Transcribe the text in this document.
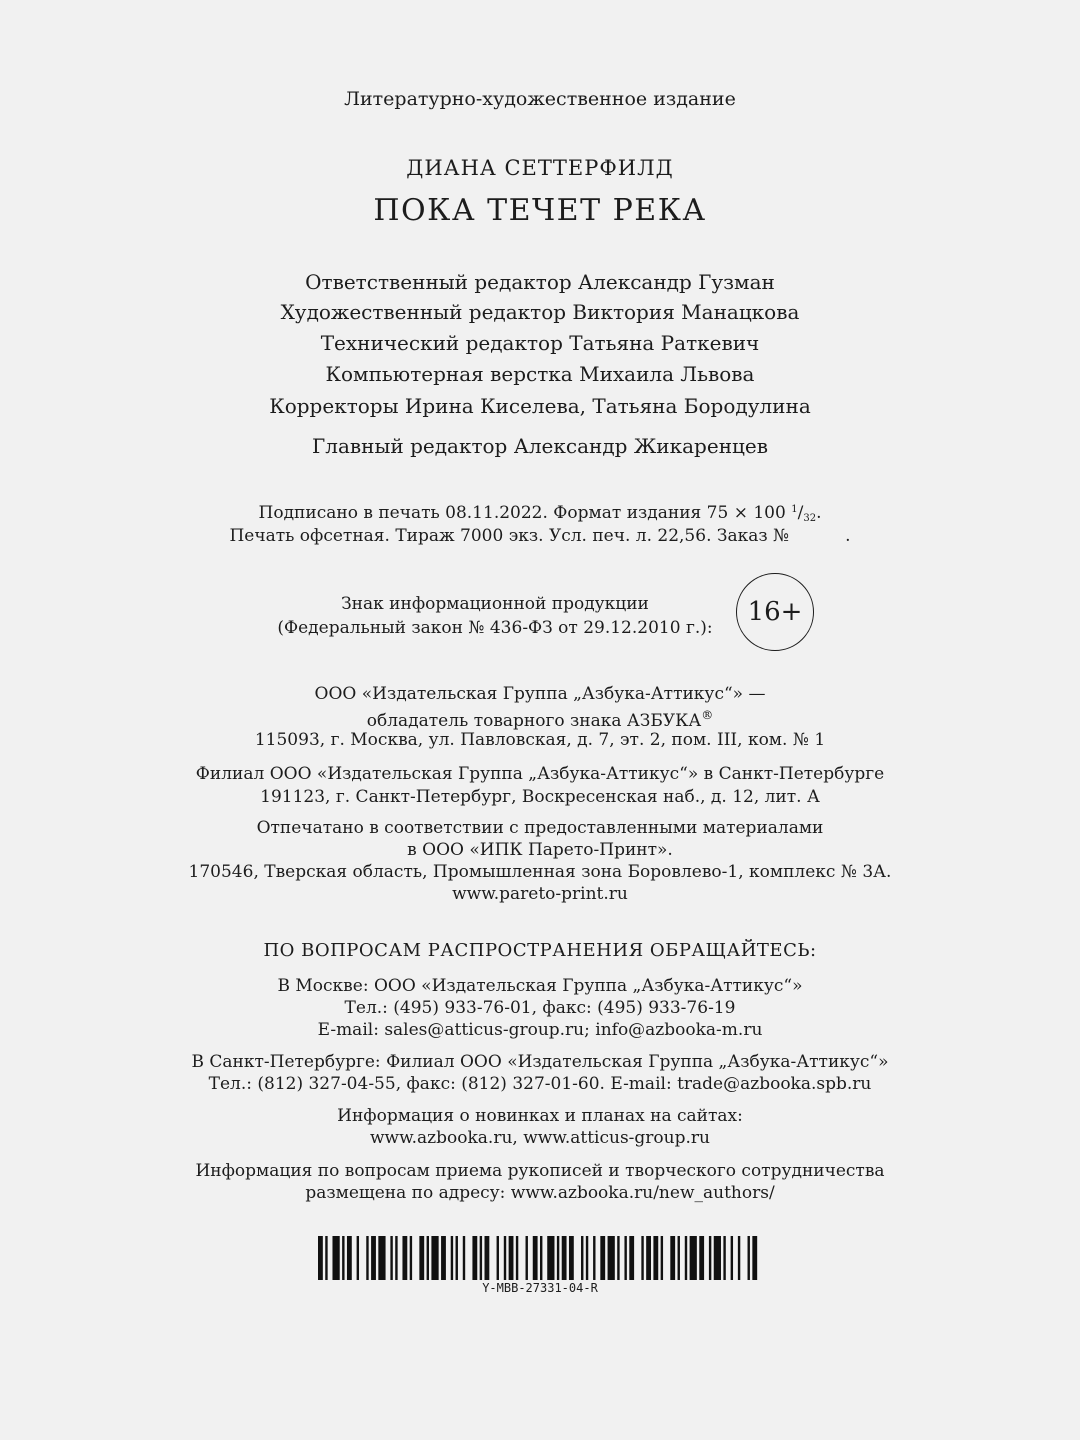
Литературно-художественное издание
ДИАНА СЕТТЕРФИЛД
ПОКА ТЕЧЕТ РЕКА
Ответственный редактор Александр Гузман
Художественный редактор Виктория Манацкова
Технический редактор Татьяна Раткевич
Компьютерная верстка Михаила Львова
Корректоры Ирина Киселева, Татьяна Бородулина
Главный редактор Александр Жикаренцев
Подписано в печать 08.11.2022. Формат издания 75 × 100 $^1$/32.
Печать офсетная. Тираж 7000 экз. Усл. печ. л. 22,56. Заказ №	.
Знак информационной продукции
(Федеральный закон № 436-ФЗ от 29.12.2010 г.):
16+
ООО «Издательская Группа „Азбука-Аттикус“» —
обладатель товарного знака АЗБУКА®
115093, г. Москва, ул. Павловская, д. 7, эт. 2, пом. III, ком. № 1
Филиал ООО «Издательская Группа „Азбука-Аттикус“» в Санкт-Петербурге
191123, г. Санкт-Петербург, Воскресенская наб., д. 12, лит. А
Отпечатано в соответствии с предоставленными материалами
в ООО «ИПК Парето-Принт».
170546, Тверская область, Промышленная зона Боровлево-1, комплекс № 3А.
www.pareto-print.ru
ПО ВОПРОСАМ РАСПРОСТРАНЕНИЯ ОБРАЩАЙТЕСЬ:
В Москве: ООО «Издательская Группа „Азбука-Аттикус“»
Тел.: (495) 933-76-01, факс: (495) 933-76-19
E-mail: sales@atticus-group.ru; info@azbooka-m.ru
В Санкт-Петербурге: Филиал ООО «Издательская Группа „Азбука-Аттикус“»
Тел.: (812) 327-04-55, факс: (812) 327-01-60. E-mail: trade@azbooka.spb.ru
Информация о новинках и планах на сайтах:
www.azbooka.ru, www.atticus-group.ru
Информация по вопросам приема рукописей и творческого сотрудничества
размещена по адресу: www.azbooka.ru/new_authors/
Y-MBB-27331-04-R
